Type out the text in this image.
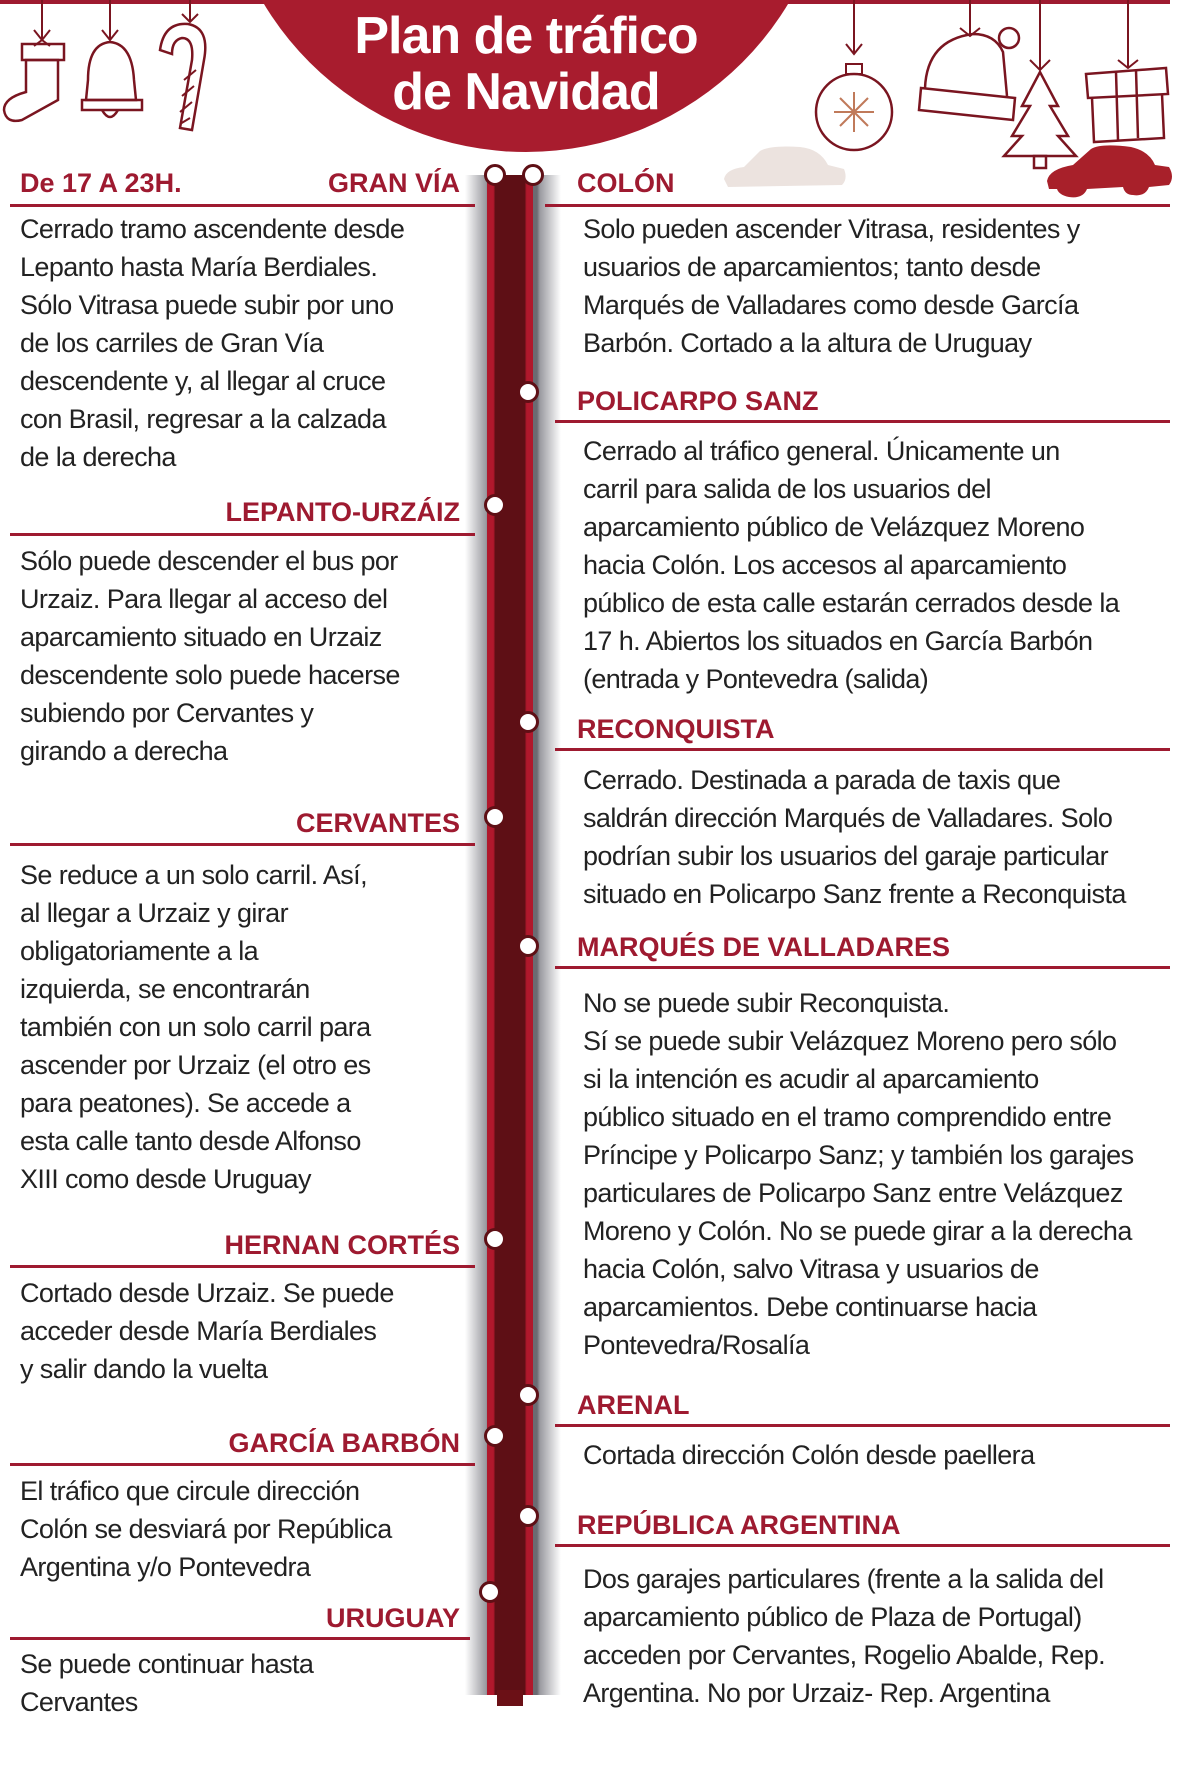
Plan de tráfico
de Navidad
De 17 A 23H.	GRAN VÍA
Cerrado tramo ascendente desde
Lepanto hasta María Berdiales.
Sólo Vitrasa puede subir por uno
de los carriles de Gran Vía
descendente y, al llegar al cruce
con Brasil, regresar a la calzada
de la derecha
LEPANTO-URZÁIZ
Sólo puede descender el bus por
Urzaiz. Para llegar al acceso del
aparcamiento situado en Urzaiz
descendente solo puede hacerse
subiendo por Cervantes y
girando a derecha
CERVANTES
Se reduce a un solo carril. Así,
al llegar a Urzaiz y girar
obligatoriamente a la
izquierda, se encontrarán
también con un solo carril para
ascender por Urzaiz (el otro es
para peatones). Se accede a
esta calle tanto desde Alfonso
XIII como desde Uruguay
HERNAN CORTÉS
Cortado desde Urzaiz. Se puede
acceder desde María Berdiales
y salir dando la vuelta
GARCÍA BARBÓN
El tráfico que circule dirección
Colón se desviará por República
Argentina y/o Pontevedra
URUGUAY
Se puede continuar hasta
Cervantes
COLÓN
Solo pueden ascender Vitrasa, residentes y
usuarios de aparcamientos; tanto desde
Marqués de Valladares como desde García
Barbón. Cortado a la altura de Uruguay
POLICARPO SANZ
Cerrado al tráfico general. Únicamente un
carril para salida de los usuarios del
aparcamiento público de Velázquez Moreno
hacia Colón. Los accesos al aparcamiento
público de esta calle estarán cerrados desde la
17 h. Abiertos los situados en García Barbón
(entrada y Pontevedra (salida)
RECONQUISTA
Cerrado. Destinada a parada de taxis que
saldrán dirección Marqués de Valladares. Solo
podrían subir los usuarios del garaje particular
situado en Policarpo Sanz frente a Reconquista
MARQUÉS DE VALLADARES
No se puede subir Reconquista.
Sí se puede subir Velázquez Moreno pero sólo
si la intención es acudir al aparcamiento
público situado en el tramo comprendido entre
Príncipe y Policarpo Sanz; y también los garajes
particulares de Policarpo Sanz entre Velázquez
Moreno y Colón. No se puede girar a la derecha
hacia Colón, salvo Vitrasa y usuarios de
aparcamientos. Debe continuarse hacia
Pontevedra/Rosalía
ARENAL
Cortada dirección Colón desde paellera
REPÚBLICA ARGENTINA
Dos garajes particulares (frente a la salida del
aparcamiento público de Plaza de Portugal)
acceden por Cervantes, Rogelio Abalde, Rep.
Argentina. No por Urzaiz- Rep. Argentina
